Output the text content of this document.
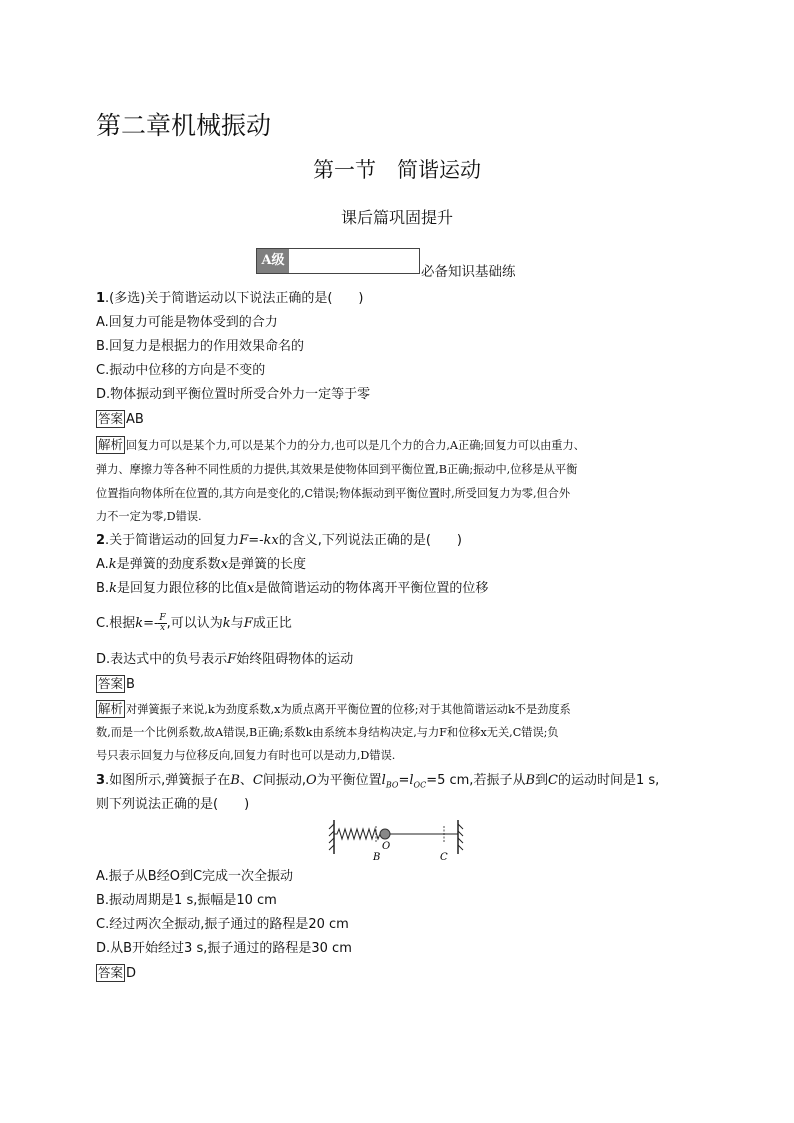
第二章机械振动
第一节　简谐运动
课后篇巩固提升
A级
必备知识基础练
1.(多选)关于简谐运动以下说法正确的是(　　)
A.回复力可能是物体受到的合力
B.回复力是根据力的作用效果命名的
C.振动中位移的方向是不变的
D.物体振动到平衡位置时所受合外力一定等于零
答案 AB
解析 回复力可以是某个力,可以是某个力的分力,也可以是几个力的合力,A正确;回复力可以由重力、
弹力、摩擦力等各种不同性质的力提供,其效果是使物体回到平衡位置,B正确;振动中,位移是从平衡
位置指向物体所在位置的,其方向是变化的,C错误;物体振动到平衡位置时,所受回复力为零,但合外
力不一定为零,D错误.
2.关于简谐运动的回复力F=-kx的含义,下列说法正确的是(　　)
A.k是弹簧的劲度系数x是弹簧的长度
B.k是回复力跟位移的比值x是做简谐运动的物体离开平衡位置的位移
C.根据$k=- \frac{F}{x}$ ,可以认为k与F成正比
D.表达式中的负号表示F始终阻碍物体的运动
答案 B
解析 对弹簧振子来说,k为劲度系数,x为质点离开平衡位置的位移;对于其他简谐运动k不是劲度系
数,而是一个比例系数,故A错误,B正确;系数k由系统本身结构决定,与力F和位移x无关,C错误;负
号只表示回复力与位移反向,回复力有时也可以是动力,D错误.
3.如图所示,弹簧振子在B、C间振动,O为平衡位置$l_{BO}=l_{OC}=5$ cm,若振子从B到C的运动时间是1 s,
则下列说法正确的是(　　)
O
B	C
A.振子从B经O到C完成一次全振动
B.振动周期是1 s,振幅是10 cm
C.经过两次全振动,振子通过的路程是20 cm
D.从B开始经过3 s,振子通过的路程是30 cm
答案 D
